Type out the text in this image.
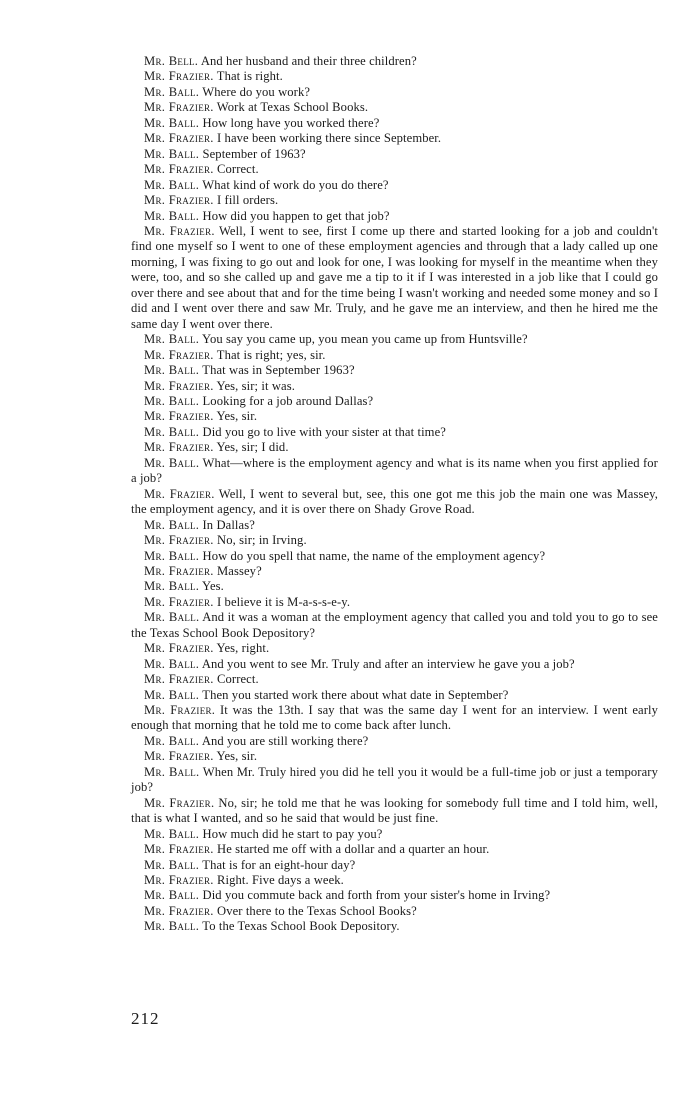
Mr. Bell. And her husband and their three children?

Mr. Frazier. That is right.

Mr. Ball. Where do you work?

Mr. Frazier. Work at Texas School Books.

Mr. Ball. How long have you worked there?

Mr. Frazier. I have been working there since September.

Mr. Ball. September of 1963?

Mr. Frazier. Correct.

Mr. Ball. What kind of work do you do there?

Mr. Frazier. I fill orders.

Mr. Ball. How did you happen to get that job?

Mr. Frazier. Well, I went to see, first I come up there and started looking for a job and couldn't find one myself so I went to one of these employment agencies and through that a lady called up one morning, I was fixing to go out and look for one, I was looking for myself in the meantime when they were, too, and so she called up and gave me a tip to it if I was interested in a job like that I could go over there and see about that and for the time being I wasn't working and needed some money and so I did and I went over there and saw Mr. Truly, and he gave me an interview, and then he hired me the same day I went over there.

Mr. Ball. You say you came up, you mean you came up from Huntsville?

Mr. Frazier. That is right; yes, sir.

Mr. Ball. That was in September 1963?

Mr. Frazier. Yes, sir; it was.

Mr. Ball. Looking for a job around Dallas?

Mr. Frazier. Yes, sir.

Mr. Ball. Did you go to live with your sister at that time?

Mr. Frazier. Yes, sir; I did.

Mr. Ball. What—where is the employment agency and what is its name when you first applied for a job?

Mr. Frazier. Well, I went to several but, see, this one got me this job the main one was Massey, the employment agency, and it is over there on Shady Grove Road.

Mr. Ball. In Dallas?

Mr. Frazier. No, sir; in Irving.

Mr. Ball. How do you spell that name, the name of the employment agency?

Mr. Frazier. Massey?

Mr. Ball. Yes.

Mr. Frazier. I believe it is M-a-s-s-e-y.

Mr. Ball. And it was a woman at the employment agency that called you and told you to go to see the Texas School Book Depository?

Mr. Frazier. Yes, right.

Mr. Ball. And you went to see Mr. Truly and after an interview he gave you a job?

Mr. Frazier. Correct.

Mr. Ball. Then you started work there about what date in September?

Mr. Frazier. It was the 13th. I say that was the same day I went for an interview. I went early enough that morning that he told me to come back after lunch.

Mr. Ball. And you are still working there?

Mr. Frazier. Yes, sir.

Mr. Ball. When Mr. Truly hired you did he tell you it would be a full-time job or just a temporary job?

Mr. Frazier. No, sir; he told me that he was looking for somebody full time and I told him, well, that is what I wanted, and so he said that would be just fine.

Mr. Ball. How much did he start to pay you?

Mr. Frazier. He started me off with a dollar and a quarter an hour.

Mr. Ball. That is for an eight-hour day?

Mr. Frazier. Right. Five days a week.

Mr. Ball. Did you commute back and forth from your sister's home in Irving?

Mr. Frazier. Over there to the Texas School Books?

Mr. Ball. To the Texas School Book Depository.

212
